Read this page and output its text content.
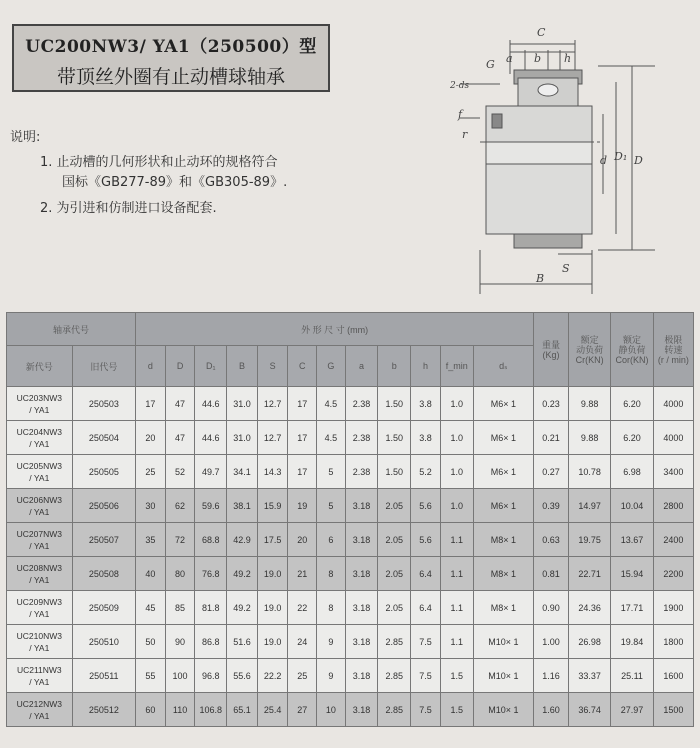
UC200NW3/ YA1（250500）型
带顶丝外圈有止动槽球轴承
说明:
1. 止动槽的几何形状和止动环的规格符合
国标《GB277-89》和《GB305-89》.
2. 为引进和仿制进口设备配套.
C
a b h
G
2-ds
f
r
d D₁ D
S
B
轴承代号		外 形 尺 寸 (mm)												重量
(Kg)	额定
动负荷
Cr(KN)	额定
静负荷
Cor(KN)	极限
转速
(r / min)
新代号	旧代号	d	D	D₁	B	S	C	G	a	b	h	f_min	dₛ				
UC203NW3
/ YA1	250503	17	47	44.6	31.0	12.7	17	4.5	2.38	1.50	3.8	1.0	M6× 1	0.23	9.88	6.20	4000
UC204NW3
/ YA1	250504	20	47	44.6	31.0	12.7	17	4.5	2.38	1.50	3.8	1.0	M6× 1	0.21	9.88	6.20	4000
UC205NW3
/ YA1	250505	25	52	49.7	34.1	14.3	17	5	2.38	1.50	5.2	1.0	M6× 1	0.27	10.78	6.98	3400
UC206NW3
/ YA1	250506	30	62	59.6	38.1	15.9	19	5	3.18	2.05	5.6	1.0	M6× 1	0.39	14.97	10.04	2800
UC207NW3
/ YA1	250507	35	72	68.8	42.9	17.5	20	6	3.18	2.05	5.6	1.1	M8× 1	0.63	19.75	13.67	2400
UC208NW3
/ YA1	250508	40	80	76.8	49.2	19.0	21	8	3.18	2.05	6.4	1.1	M8× 1	0.81	22.71	15.94	2200
UC209NW3
/ YA1	250509	45	85	81.8	49.2	19.0	22	8	3.18	2.05	6.4	1.1	M8× 1	0.90	24.36	17.71	1900
UC210NW3
/ YA1	250510	50	90	86.8	51.6	19.0	24	9	3.18	2.85	7.5	1.1	M10× 1	1.00	26.98	19.84	1800
UC211NW3
/ YA1	250511	55	100	96.8	55.6	22.2	25	9	3.18	2.85	7.5	1.5	M10× 1	1.16	33.37	25.11	1600
UC212NW3
/ YA1	250512	60	110	106.8	65.1	25.4	27	10	3.18	2.85	7.5	1.5	M10× 1	1.60	36.74	27.97	1500
